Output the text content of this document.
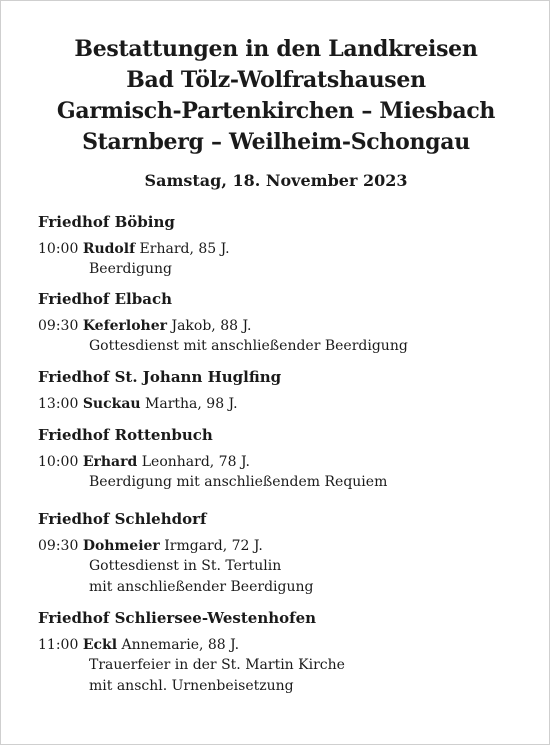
Bestattungen in den Landkreisen
Bad Tölz-Wolfratshausen
Garmisch-Partenkirchen – Miesbach
Starnberg – Weilheim-Schongau
Samstag, 18. November 2023
Friedhof Böbing
10:00 Rudolf Erhard, 85 J.
Beerdigung
Friedhof Elbach
09:30 Keferloher Jakob, 88 J.
Gottesdienst mit anschließender Beerdigung
Friedhof St. Johann Huglfing
13:00 Suckau Martha, 98 J.
Friedhof Rottenbuch
10:00 Erhard Leonhard, 78 J.
Beerdigung mit anschließendem Requiem
Friedhof Schlehdorf
09:30 Dohmeier Irmgard, 72 J.
Gottesdienst in St. Tertulin
mit anschließender Beerdigung
Friedhof Schliersee-Westenhofen
11:00 Eckl Annemarie, 88 J.
Trauerfeier in der St. Martin Kirche
mit anschl. Urnenbeisetzung
